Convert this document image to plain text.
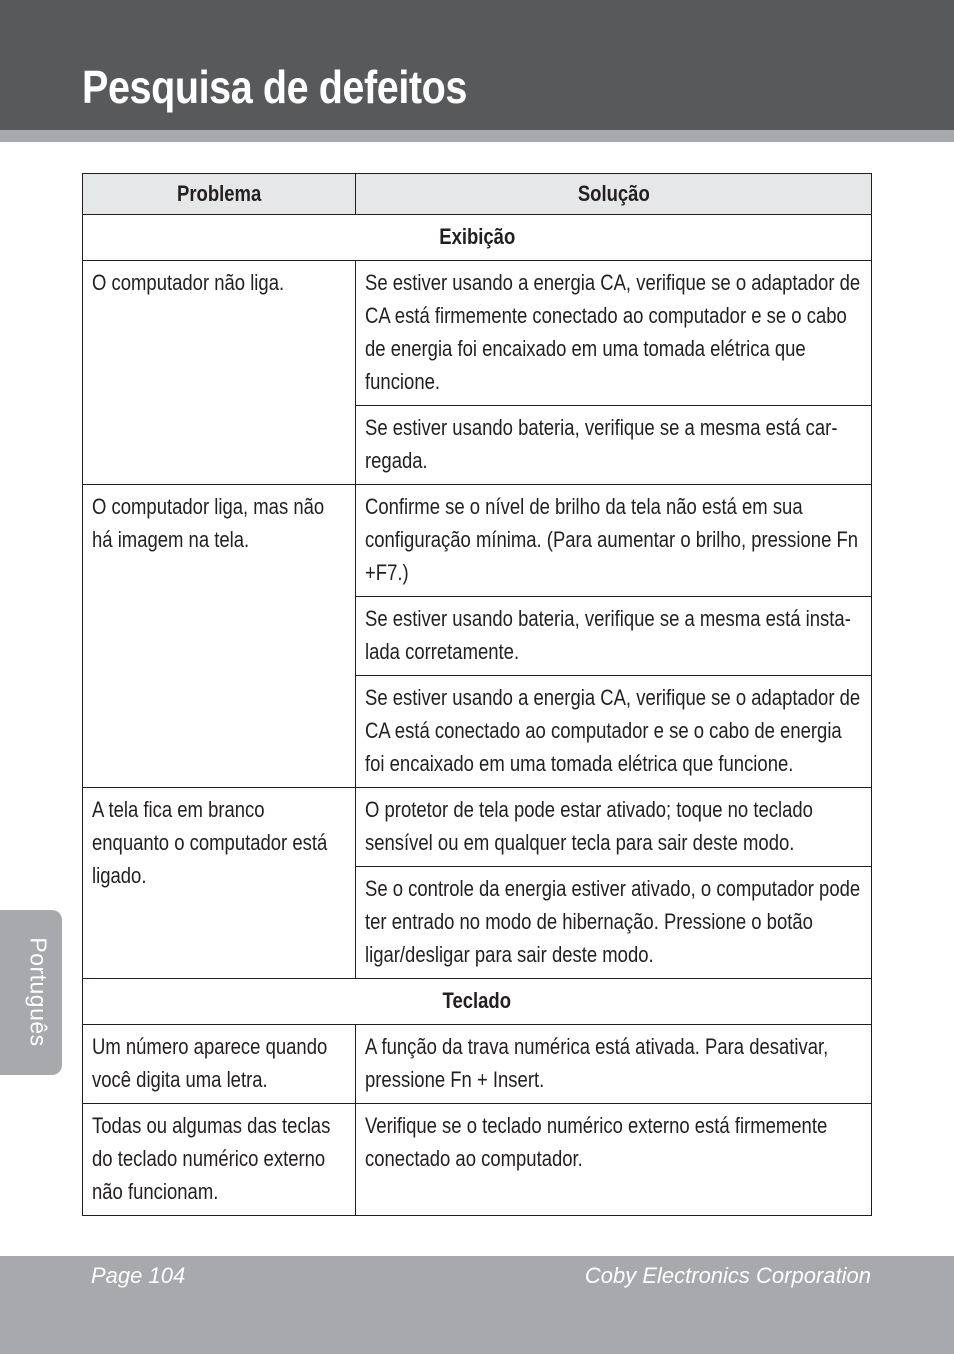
Pesquisa de defeitos
Problema	Solução
Exibição	

O computador não liga.	Se estiver usando a energia CA, verifique se o adaptador de CA está firmemente conectado ao computador e se o cabo de energia foi encaixado em uma tomada elétrica que funcione.

	Se estiver usando bateria, verifique se a mesma está car-regada.

O computador liga, mas não há imagem na tela.	Confirme se o nível de brilho da tela não está em sua configuração mínima. (Para aumentar o brilho, pressione Fn +F7.)

	Se estiver usando bateria, verifique se a mesma está insta-lada corretamente.

	Se estiver usando a energia CA, verifique se o adaptador de CA está conectado ao computador e se o cabo de energia foi encaixado em uma tomada elétrica que funcione.

A tela fica em branco enquanto o computador está ligado.	O protetor de tela pode estar ativado; toque no teclado sensível ou em qualquer tecla para sair deste modo.

	Se o controle da energia estiver ativado, o computador pode ter entrado no modo de hibernação. Pressione o botão ligar/desligar para sair deste modo.

Teclado	

Um número aparece quando você digita uma letra.	A função da trava numérica está ativada. Para desativar, pressione Fn + Insert.

Todas ou algumas das teclas do teclado numérico externo não funcionam.	Verifique se o teclado numérico externo está firmemente conectado ao computador.
Português
Page 104	Coby Electronics Corporation
